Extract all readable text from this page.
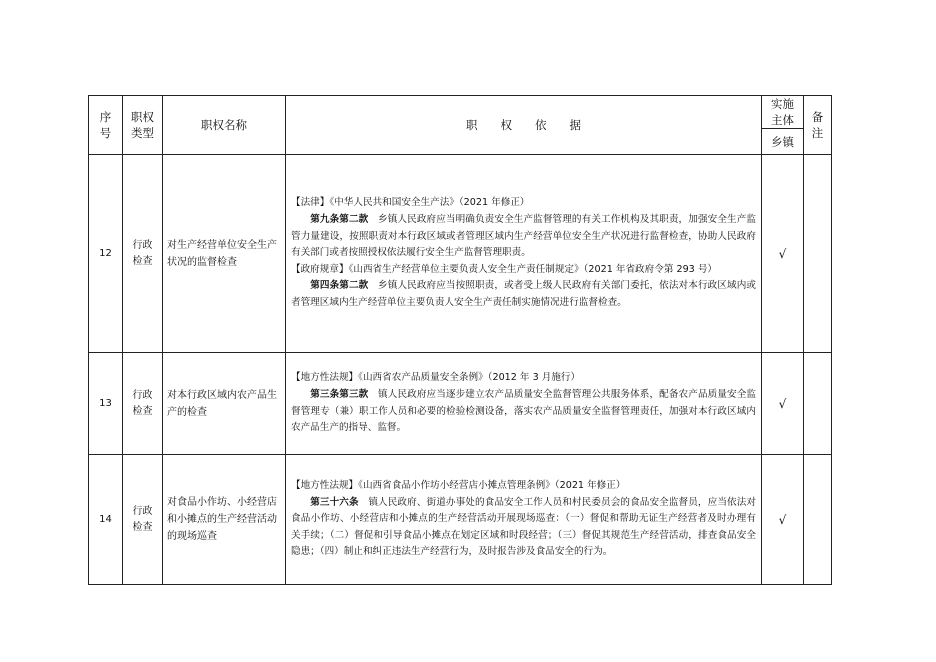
序号	职权类型	职权名称	职　　权　　依　　据	实施主体	备注
				乡镇	
12	行政检查	对生产经营单位安全生产状况的监督检查	【法律】《中华人民共和国安全生产法》（2021 年修正）

第九条第二款　乡镇人民政府应当明确负责安全生产监督管理的有关工作机构及其职责，加强安全生产监管力量建设，按照职责对本行政区域或者管理区域内生产经营单位安全生产状况进行监督检查，协助人民政府有关部门或者按照授权依法履行安全生产监督管理职责。

【政府规章】《山西省生产经营单位主要负责人安全生产责任制规定》（2021 年省政府令第 293 号）

第四条第二款　乡镇人民政府应当按照职责，或者受上级人民政府有关部门委托，依法对本行政区域内或者管理区域内生产经营单位主要负责人安全生产责任制实施情况进行监督检查。	√	
13	行政检查	对本行政区域内农产品生产的检查	【地方性法规】《山西省农产品质量安全条例》（2012 年 3 月施行）

第三条第三款　镇人民政府应当逐步建立农产品质量安全监督管理公共服务体系，配备农产品质量安全监督管理专（兼）职工作人员和必要的检验检测设备，落实农产品质量安全监督管理责任，加强对本行政区域内农产品生产的指导、监督。	√	
14	行政检查	对食品小作坊、小经营店和小摊点的生产经营活动的现场巡查	【地方性法规】《山西省食品小作坊小经营店小摊点管理条例》（2021 年修正）

第三十六条　镇人民政府、街道办事处的食品安全工作人员和村民委员会的食品安全监督员，应当依法对食品小作坊、小经营店和小摊点的生产经营活动开展现场巡查：（一）督促和帮助无证生产经营者及时办理有关手续；（二）督促和引导食品小摊点在划定区域和时段经营；（三）督促其规范生产经营活动，排查食品安全隐患；（四）制止和纠正违法生产经营行为，及时报告涉及食品安全的行为。	√	
